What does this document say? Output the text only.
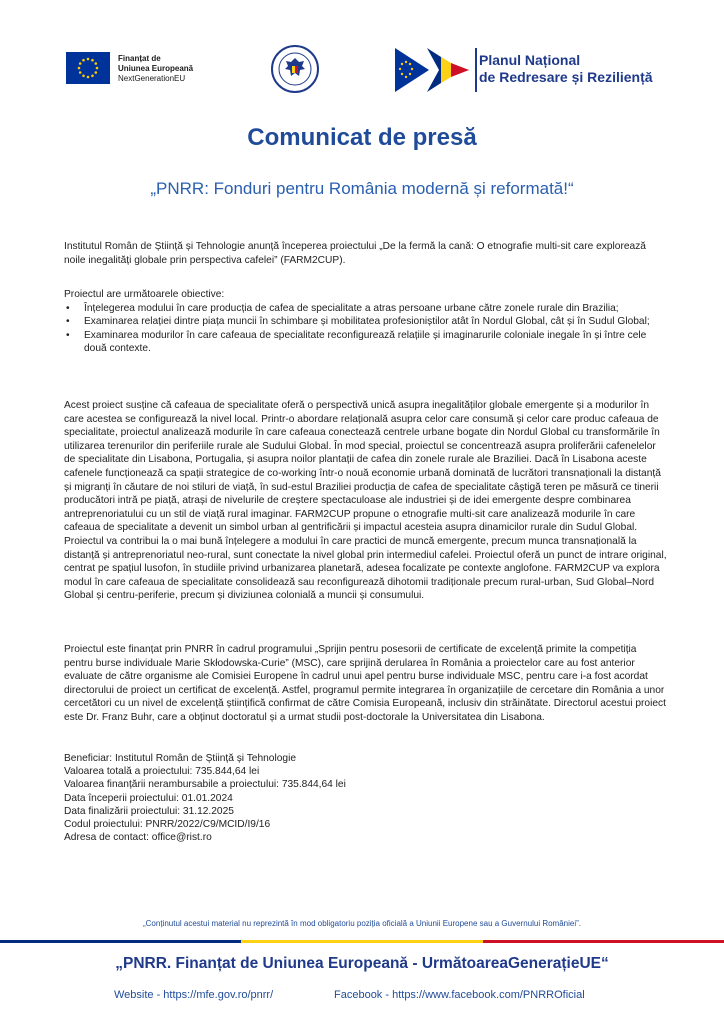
Finanțat de
Uniunea Europeană
NextGenerationEU
Planul Național
de Redresare și Reziliență
Comunicat de presă
„PNRR: Fonduri pentru România modernă și reformată!“

Institutul Român de Știință și Tehnologie anunță începerea proiectului „De la fermă la cană: O etnografie multi-sit care explorează noile inegalități globale prin perspectiva cafelei” (FARM2CUP).

Proiectul are următoarele obiective:

• Înțelegerea modului în care producția de cafea de specialitate a atras persoane urbane către zonele rurale din Brazilia;
• Examinarea relației dintre piața muncii în schimbare și mobilitatea profesioniștilor atât în Nordul Global, cât și în Sudul Global;
• Examinarea modurilor în care cafeaua de specialitate reconfigurează relațiile și imaginarurile coloniale inegale în și între cele două contexte.

Acest proiect susține că cafeaua de specialitate oferă o perspectivă unică asupra inegalităților globale emergente și a modurilor în care acestea se configurează la nivel local. Printr-o abordare relațională asupra celor care consumă și celor care produc cafeaua de specialitate, proiectul analizează modurile în care cafeaua conectează centrele urbane bogate din Nordul Global cu transformările în utilizarea terenurilor din periferiile rurale ale Sudului Global. În mod special, proiectul se concentrează asupra proliferării cafenelelor de specialitate din Lisabona, Portugalia, și asupra noilor plantații de cafea din zonele rurale ale Braziliei. Dacă în Lisabona aceste cafenele funcționează ca spații strategice de co-working într-o nouă economie urbană dominată de lucrători transnaționali la distanță și migranți în căutare de noi stiluri de viață, în sud-estul Braziliei producția de cafea de specialitate câștigă teren pe măsură ce tinerii producători intră pe piață, atrași de nivelurile de creștere spectaculoase ale industriei și de idei emergente despre combinarea antreprenoriatului cu un stil de viață rural imaginar. FARM2CUP propune o etnografie multi-sit care analizează modurile în care cafeaua de specialitate a devenit un simbol urban al gentrificării și impactul acesteia asupra dinamicilor rurale din Sudul Global. Proiectul va contribui la o mai bună înțelegere a modului în care practici de muncă emergente, precum munca transnațională la distanță și antreprenoriatul neo-rural, sunt conectate la nivel global prin intermediul cafelei. Proiectul oferă un punct de intrare original, centrat pe spațiul lusofon, în studiile privind urbanizarea planetară, adesea focalizate pe contexte anglofone. FARM2CUP va explora modul în care cafeaua de specialitate consolidează sau reconfigurează dihotomii tradiționale precum rural-urban, Sud Global–Nord Global și centru-periferie, precum și diviziunea colonială a muncii și consumului.

Proiectul este finanțat prin PNRR în cadrul programului „Sprijin pentru posesorii de certificate de excelență primite la competiția pentru burse individuale Marie Skłodowska-Curie” (MSC), care sprijină derularea în România a proiectelor care au fost anterior evaluate de către organisme ale Comisiei Europene în cadrul unui apel pentru burse individuale MSC, pentru care i-a fost acordat directorului de proiect un certificat de excelență. Astfel, programul permite integrarea în organizațiile de cercetare din România a unor cercetători cu un nivel de excelență științifică confirmat de către Comisia Europeană, inclusiv din străinătate. Directorul acestui proiect este Dr. Franz Buhr, care a obținut doctoratul și a urmat studii post-doctorale la Universitatea din Lisabona.

Beneficiar: Institutul Român de Știință și Tehnologie
Valoarea totală a proiectului: 735.844,64 lei
Valoarea finanțării nerambursabile a proiectului: 735.844,64 lei
Data începerii proiectului: 01.01.2024
Data finalizării proiectului: 31.12.2025
Codul proiectului: PNRR/2022/C9/MCID/I9/16
Adresa de contact: office@rist.ro
„Conținutul acestui material nu reprezintă în mod obligatoriu poziția oficială a Uniunii Europene sau a Guvernului României”.
„PNRR. Finanțat de Uniunea Europeană - UrmătoareaGenerațieUE“
Website - https://mfe.gov.ro/pnrr/	Facebook - https://www.facebook.com/PNRROficial
